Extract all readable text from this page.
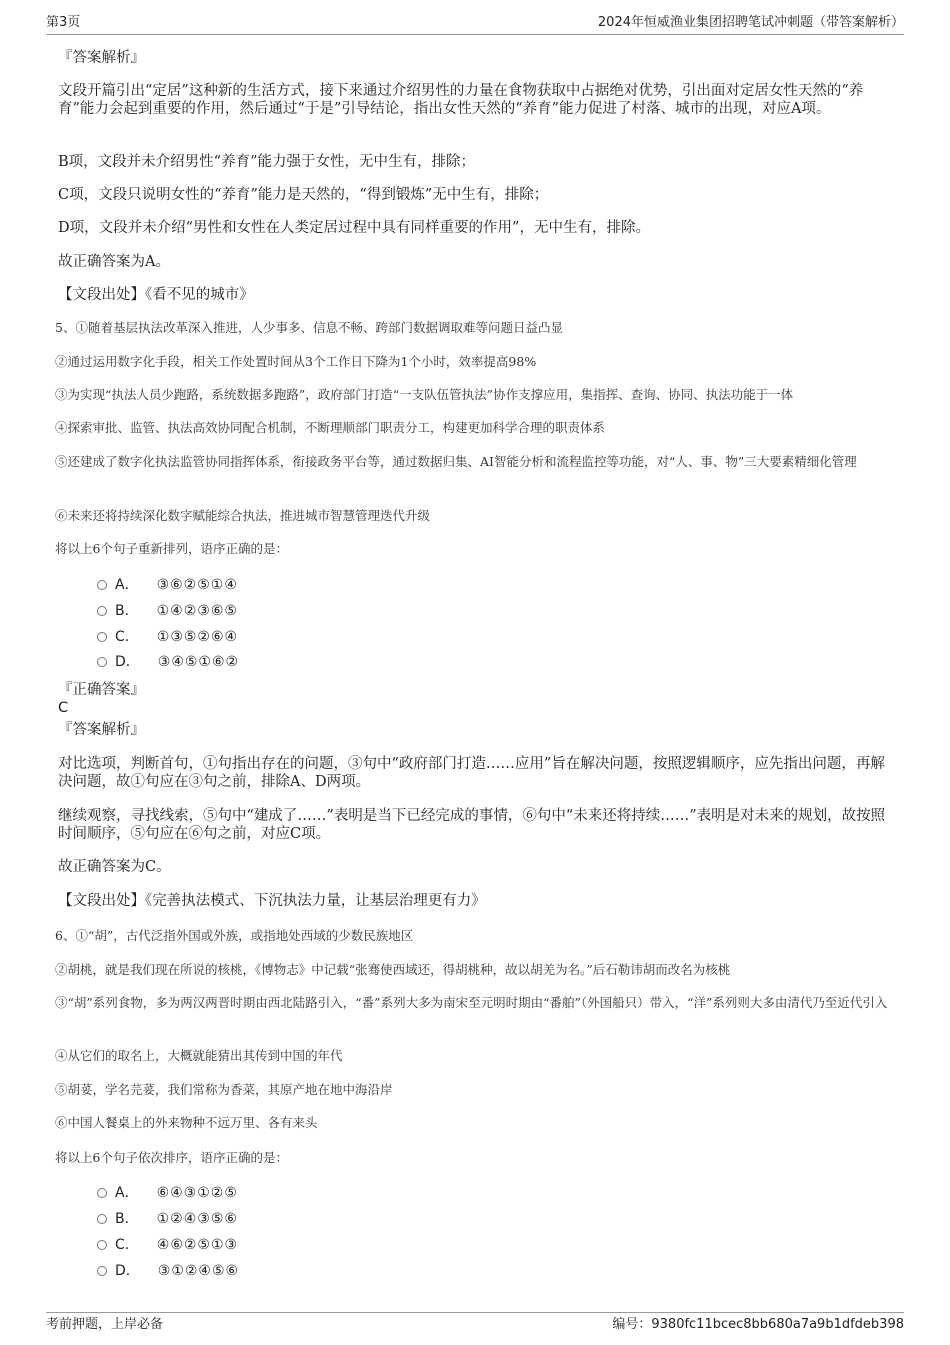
第3页	2024年恒威渔业集团招聘笔试冲刺题（带答案解析）

『答案解析』

文段开篇引出“定居”这种新的生活方式，接下来通过介绍男性的力量在食物获取中占据绝对优势，引出面对定居女性天然的“养育”能力会起到重要的作用，然后通过“于是”引导结论，指出女性天然的“养育”能力促进了村落、城市的出现，对应A项。

B项，文段并未介绍男性“养育”能力强于女性，无中生有，排除；

C项，文段只说明女性的“养育”能力是天然的，“得到锻炼”无中生有，排除；

D项，文段并未介绍“男性和女性在人类定居过程中具有同样重要的作用”，无中生有，排除。

故正确答案为A。

【文段出处】《看不见的城市》

5、①随着基层执法改革深入推进，人少事多、信息不畅、跨部门数据调取难等问题日益凸显

②通过运用数字化手段，相关工作处置时间从3个工作日下降为1个小时，效率提高98%

③为实现“执法人员少跑路，系统数据多跑路”，政府部门打造“一支队伍管执法”协作支撑应用，集指挥、查询、协同、执法功能于一体

④探索审批、监管、执法高效协同配合机制，不断理顺部门职责分工，构建更加科学合理的职责体系

⑤还建成了数字化执法监管协同指挥体系，衔接政务平台等，通过数据归集、AI智能分析和流程监控等功能，对“人、事、物”三大要素精细化管理

⑥未来还将持续深化数字赋能综合执法，推进城市智慧管理迭代升级

将以上6个句子重新排列，语序正确的是：

A． ③⑥②⑤①④
B． ①④②③⑥⑤
C． ①③⑤②⑥④
D． ③④⑤①⑥②

『正确答案』

C

『答案解析』

对比选项，判断首句，①句指出存在的问题，③句中“政府部门打造……应用”旨在解决问题，按照逻辑顺序，应先指出问题，再解决问题，故①句应在③句之前，排除A、D两项。

继续观察，寻找线索，⑤句中“建成了……”表明是当下已经完成的事情，⑥句中“未来还将持续……”表明是对未来的规划，故按照时间顺序，⑤句应在⑥句之前，对应C项。

故正确答案为C。

【文段出处】《完善执法模式、下沉执法力量，让基层治理更有力》

6、①“胡”，古代泛指外国或外族，或指地处西域的少数民族地区

②胡桃，就是我们现在所说的核桃，《博物志》中记载“张骞使西域还，得胡桃种，故以胡羌为名。”后石勒讳胡而改名为核桃

③“胡”系列食物，多为两汉两晋时期由西北陆路引入，“番”系列大多为南宋至元明时期由“番舶”（外国船只）带入，“洋”系列则大多由清代乃至近代引入

④从它们的取名上，大概就能猜出其传到中国的年代

⑤胡荽，学名芫荽，我们常称为香菜，其原产地在地中海沿岸

⑥中国人餐桌上的外来物种不远万里、各有来头

将以上6个句子依次排序，语序正确的是：

A． ⑥④③①②⑤
B． ①②④③⑤⑥
C． ④⑥②⑤①③
D． ③①②④⑤⑥
考前押题，上岸必备	编号：9380fc11bcec8bb680a7a9b1dfdeb398
